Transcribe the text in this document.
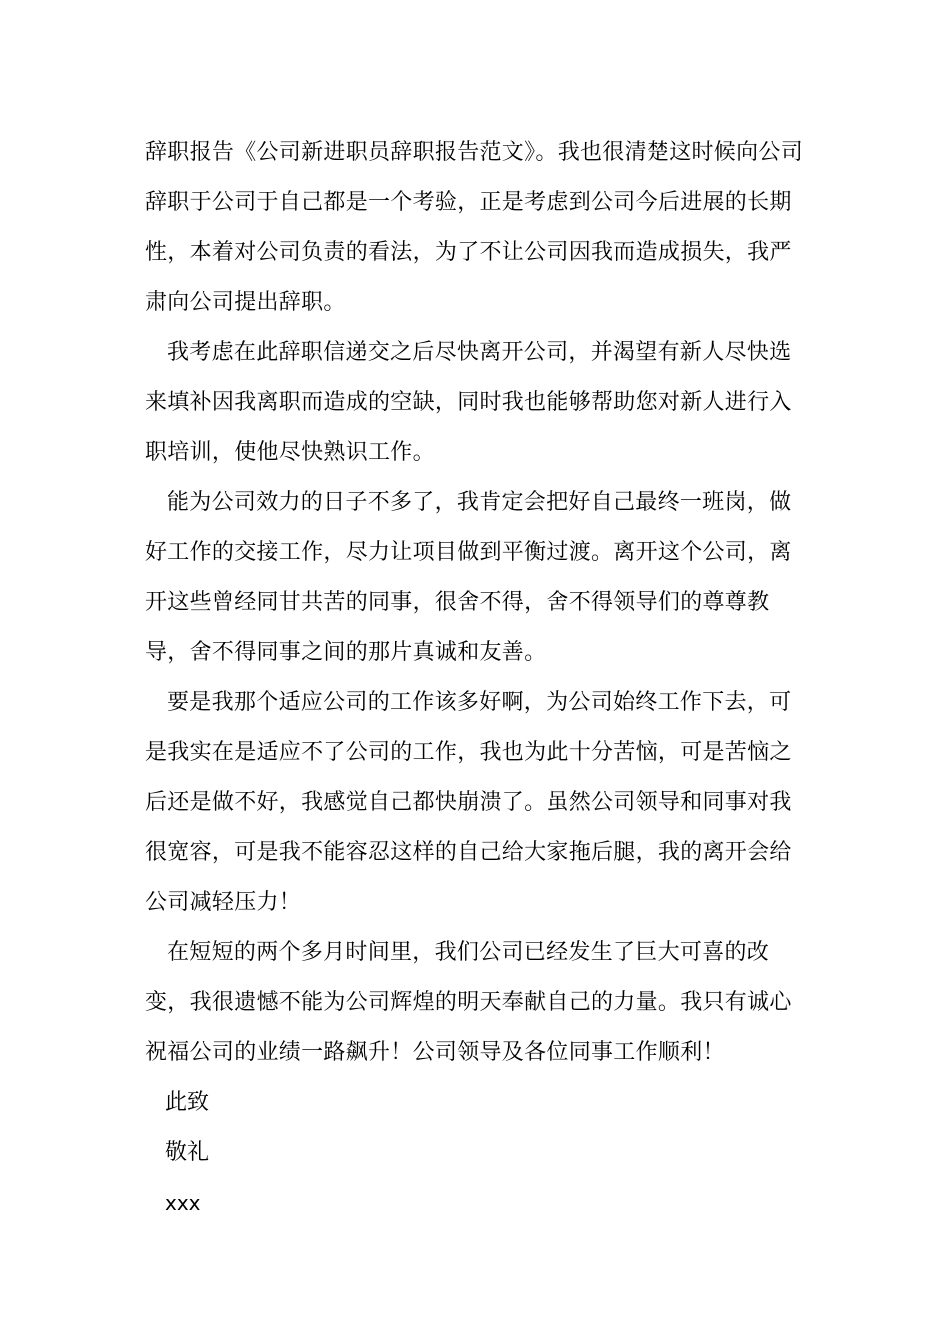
辞职报告《公司新进职员辞职报告范文》。我也很清楚这时候向公司辞职于公司于自己都是一个考验，正是考虑到公司今后进展的长期性，本着对公司负责的看法，为了不让公司因我而造成损失，我严肃向公司提出辞职。

我考虑在此辞职信递交之后尽快离开公司，并渴望有新人尽快选来填补因我离职而造成的空缺，同时我也能够帮助您对新人进行入职培训，使他尽快熟识工作。

能为公司效力的日子不多了，我肯定会把好自己最终一班岗，做好工作的交接工作，尽力让项目做到平衡过渡。离开这个公司，离开这些曾经同甘共苦的同事，很舍不得，舍不得领导们的尊尊教导，舍不得同事之间的那片真诚和友善。

要是我那个适应公司的工作该多好啊，为公司始终工作下去，可是我实在是适应不了公司的工作，我也为此十分苦恼，可是苦恼之后还是做不好，我感觉自己都快崩溃了。虽然公司领导和同事对我很宽容，可是我不能容忍这样的自己给大家拖后腿，我的离开会给公司减轻压力！

在短短的两个多月时间里，我们公司已经发生了巨大可喜的改变，我很遗憾不能为公司辉煌的明天奉献自己的力量。我只有诚心祝福公司的业绩一路飙升！公司领导及各位同事工作顺利！

此致

敬礼

xxx
